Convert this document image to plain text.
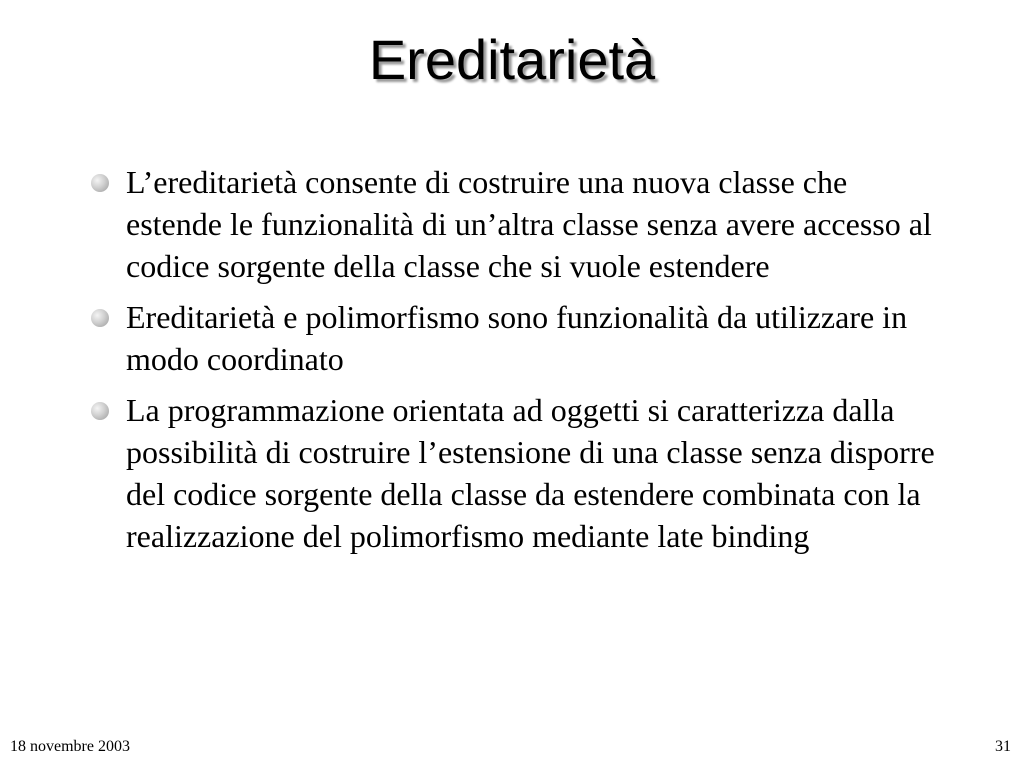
Ereditarietà
L’ereditarietà consente di costruire una nuova classe che estende le funzionalità di un’altra classe senza avere accesso al codice sorgente della classe che si vuole estendere
Ereditarietà e polimorfismo sono funzionalità da utilizzare in modo coordinato
La programmazione orientata ad oggetti si caratterizza dalla possibilità di costruire l’estensione di una classe senza disporre del codice sorgente della classe da estendere combinata con la realizzazione del polimorfismo mediante late binding
18 novembre 2003	31
